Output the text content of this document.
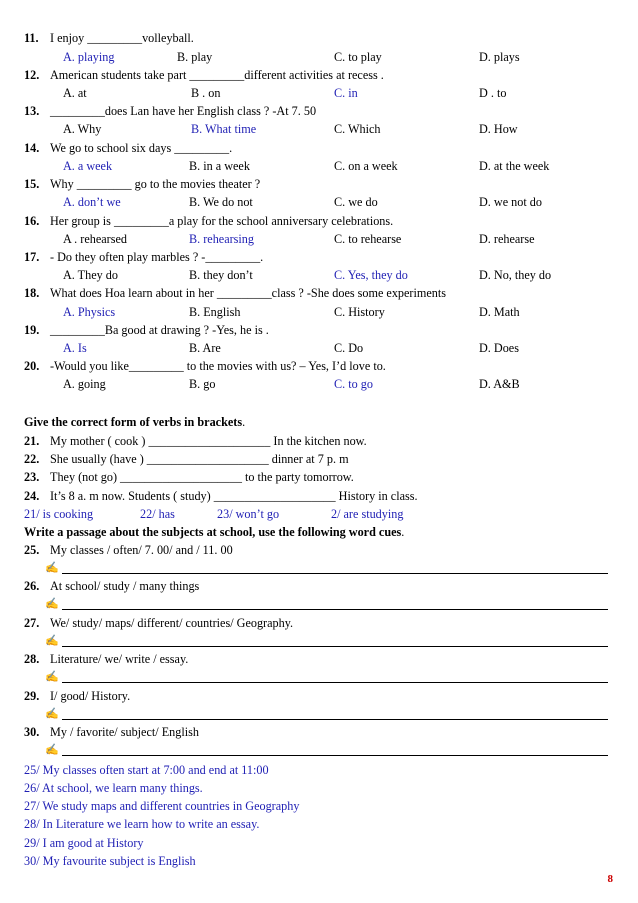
11. I enjoy _________volleyball.
A. playing	B. play	C. to play	D. plays
12. American students take part _________different activities at recess .
A. at	B . on	C. in	D . to
13. _________does Lan have her English class ? -At 7. 50
A. Why	B. What time	C. Which	D. How
14. We go to school six days _________.
A. a week	B. in a week	C. on a week	D. at the week
15. Why _________ go to the movies theater ?
A. don’t we	B. We do not	C. we do	D. we not do
16. Her group is _________a play for the school anniversary celebrations.
A . rehearsed	B. rehearsing	C. to rehearse	D. rehearse
17. - Do they often play marbles ? -_________.
A. They do	B. they don’t	C. Yes, they do	D. No, they do
18. What does Hoa learn about in her _________class ? -She does some experiments
A. Physics	B. English	C. History	D. Math
19. _________Ba good at drawing ? -Yes, he is .
A. Is	B. Are	C. Do	D. Does
20. -Would you like_________ to the movies with us? – Yes, I’d love to.
A. going	B. go	C. to go	D. A&B
Give the correct form of verbs in brackets.
21. My mother ( cook ) ____________________ In the kitchen now.
22. She usually (have ) ____________________ dinner at 7 p. m
23. They (not go) ____________________ to the party tomorrow.
24. It’s 8 a. m now. Students ( study) ____________________ History in class.
21/ is cooking	22/ has	23/ won’t go	2/ are studying
Write a passage about the subjects at school, use the following word cues.
25. My classes / often/ 7. 00/ and / 11. 00
✍
26. At school/ study / many things
✍
27. We/ study/ maps/ different/ countries/ Geography.
✍
28. Literature/ we/ write / essay.
✍
29. I/ good/ History.
✍
30. My / favorite/ subject/ English
✍
25/ My classes often start at 7:00 and end at 11:00
26/ At school, we learn many things.
27/ We study maps and different countries in Geography
28/ In Literature we learn how to write an essay.
29/ I am good at History
30/ My favourite subject is English
8
